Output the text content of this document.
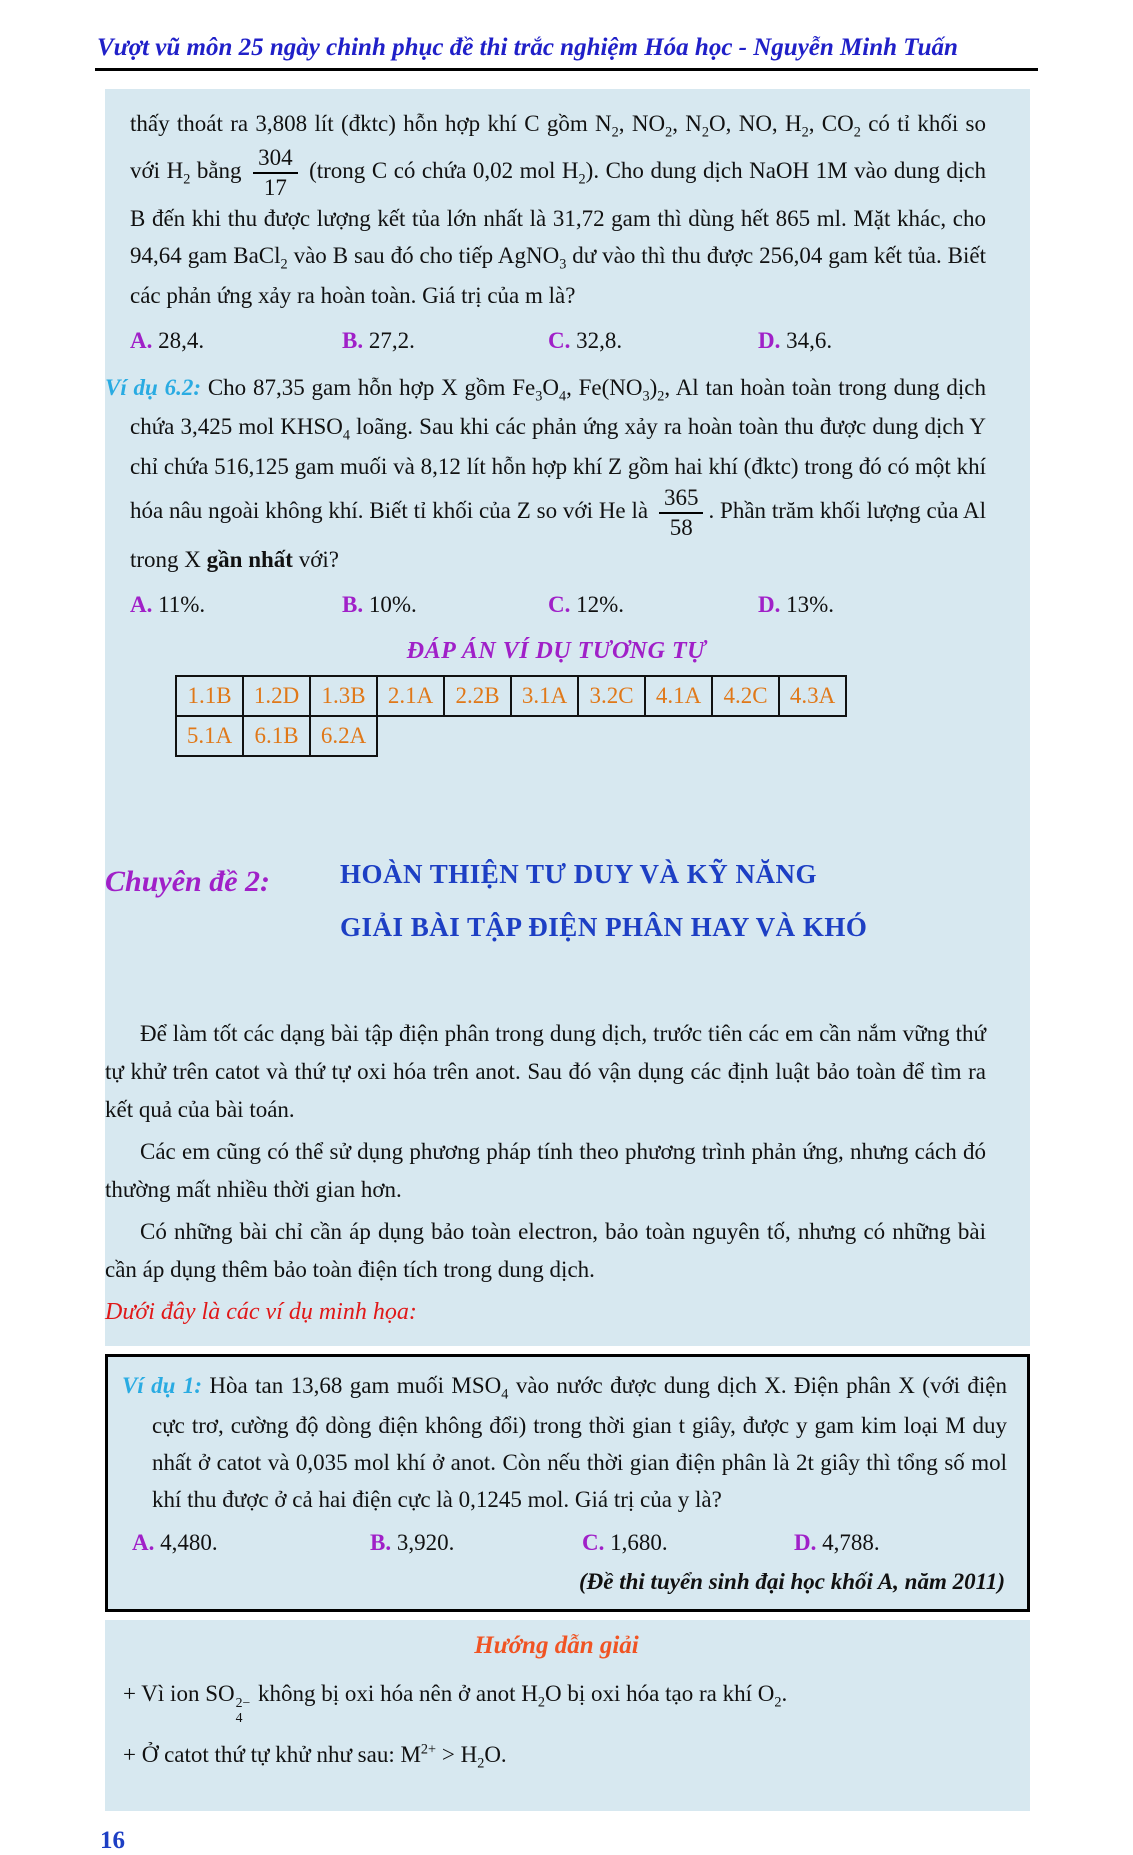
Vượt vũ môn 25 ngày chinh phục đề thi trắc nghiệm Hóa học - Nguyễn Minh Tuấn

thấy thoát ra 3,808 lít (đktc) hỗn hợp khí C gồm $N_2$, $NO_2$, $N_2O$, NO, $H_2$, $CO_2$ có tỉ khối so với $H_2$ bằng $\frac{304}{17}$ (trong C có chứa 0,02 mol $H_2$). Cho dung dịch NaOH 1M vào dung dịch B đến khi thu được lượng kết tủa lớn nhất là 31,72 gam thì dùng hết 865 ml. Mặt khác, cho 94,64 gam BaCl$_2$ vào B sau đó cho tiếp AgNO$_3$ dư vào thì thu được 256,04 gam kết tủa. Biết các phản ứng xảy ra hoàn toàn. Giá trị của m là?

A. 28,4.	B. 27,2.	C. 32,8.	D. 34,6.

Ví dụ 6.2: Cho 87,35 gam hỗn hợp X gồm $Fe_3O_4$, $Fe(NO_3)_2$, Al tan hoàn toàn trong dung dịch chứa 3,425 mol $KHSO_4$ loãng. Sau khi các phản ứng xảy ra hoàn toàn thu được dung dịch Y chỉ chứa 516,125 gam muối và 8,12 lít hỗn hợp khí Z gồm hai khí (đktc) trong đó có một khí hóa nâu ngoài không khí. Biết tỉ khối của Z so với He là $\frac{365}{58}$ . Phần trăm khối lượng của Al trong X gần nhất với?

A. 11%.	B. 10%.	C. 12%.	D. 13%.
ĐÁP ÁN VÍ DỤ TƯƠNG TỰ
1.1B	1.2D	1.3B	2.1A	2.2B	3.1A	3.2C	4.1A	4.2C	4.3A
5.1A	6.1B	6.2A							
Chuyên đề 2:	HOÀN THIỆN TƯ DUY VÀ KỸ NĂNG
GIẢI BÀI TẬP ĐIỆN PHÂN HAY VÀ KHÓ

Để làm tốt các dạng bài tập điện phân trong dung dịch, trước tiên các em cần nắm vững thứ tự khử trên catot và thứ tự oxi hóa trên anot. Sau đó vận dụng các định luật bảo toàn để tìm ra kết quả của bài toán.

Các em cũng có thể sử dụng phương pháp tính theo phương trình phản ứng, nhưng cách đó thường mất nhiều thời gian hơn.

Có những bài chỉ cần áp dụng bảo toàn electron, bảo toàn nguyên tố, nhưng có những bài cần áp dụng thêm bảo toàn điện tích trong dung dịch.

Dưới đây là các ví dụ minh họa:

Ví dụ 1: Hòa tan 13,68 gam muối $MSO_4$ vào nước được dung dịch X. Điện phân X (với điện cực trơ, cường độ dòng điện không đổi) trong thời gian t giây, được y gam kim loại M duy nhất ở catot và 0,035 mol khí ở anot. Còn nếu thời gian điện phân là 2t giây thì tổng số mol khí thu được ở cả hai điện cực là 0,1245 mol. Giá trị của y là?

A. 4,480.	B. 3,920.	C. 1,680.	D. 4,788.
(Đề thi tuyển sinh đại học khối A, năm 2011)
Hướng dẫn giải
+ Vì ion SO 2−
4
không bị oxi hóa nên ở anot $H_2O$ bị oxi hóa tạo ra khí $O_2$.
+ Ở catot thứ tự khử như sau: $M^{2+} > H_2O$.
16
